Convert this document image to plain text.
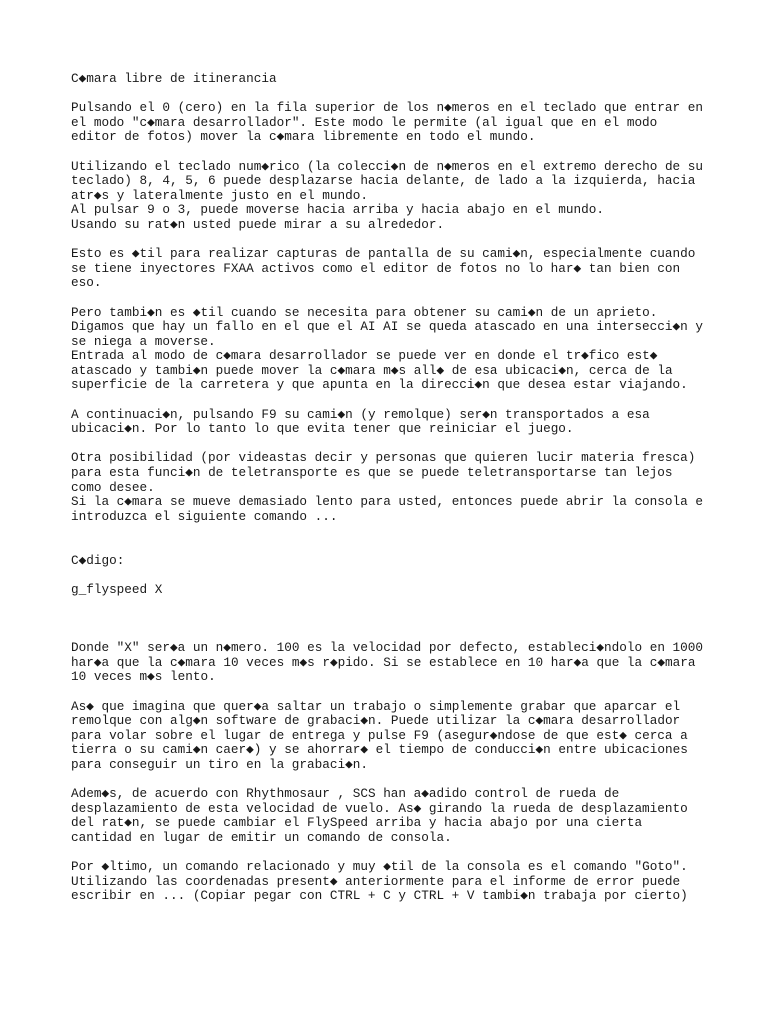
C◆mara libre de itinerancia
Pulsando el 0 (cero) en la fila superior de los n◆meros en el teclado que entrar en
el modo "c◆mara desarrollador". Este modo le permite (al igual que en el modo
editor de fotos) mover la c◆mara libremente en todo el mundo.
Utilizando el teclado num◆rico (la colecci◆n de n◆meros en el extremo derecho de su
teclado) 8, 4, 5, 6 puede desplazarse hacia delante, de lado a la izquierda, hacia
atr◆s y lateralmente justo en el mundo.
Al pulsar 9 o 3, puede moverse hacia arriba y hacia abajo en el mundo.
Usando su rat◆n usted puede mirar a su alrededor.
Esto es ◆til para realizar capturas de pantalla de su cami◆n, especialmente cuando
se tiene inyectores FXAA activos como el editor de fotos no lo har◆ tan bien con
eso.
Pero tambi◆n es ◆til cuando se necesita para obtener su cami◆n de un aprieto.
Digamos que hay un fallo en el que el AI AI se queda atascado en una intersecci◆n y
se niega a moverse.
Entrada al modo de c◆mara desarrollador se puede ver en donde el tr◆fico est◆
atascado y tambi◆n puede mover la c◆mara m◆s all◆ de esa ubicaci◆n, cerca de la
superficie de la carretera y que apunta en la direcci◆n que desea estar viajando.
A continuaci◆n, pulsando F9 su cami◆n (y remolque) ser◆n transportados a esa
ubicaci◆n. Por lo tanto lo que evita tener que reiniciar el juego.
Otra posibilidad (por videastas decir y personas que quieren lucir materia fresca)
para esta funci◆n de teletransporte es que se puede teletransportarse tan lejos
como desee.
Si la c◆mara se mueve demasiado lento para usted, entonces puede abrir la consola e
introduzca el siguiente comando ...
C◆digo:
g_flyspeed X
Donde "X" ser◆a un n◆mero. 100 es la velocidad por defecto, estableci◆ndolo en 1000
har◆a que la c◆mara 10 veces m◆s r◆pido. Si se establece en 10 har◆a que la c◆mara
10 veces m◆s lento.
As◆ que imagina que quer◆a saltar un trabajo o simplemente grabar que aparcar el
remolque con alg◆n software de grabaci◆n. Puede utilizar la c◆mara desarrollador
para volar sobre el lugar de entrega y pulse F9 (asegur◆ndose de que est◆ cerca a
tierra o su cami◆n caer◆) y se ahorrar◆ el tiempo de conducci◆n entre ubicaciones
para conseguir un tiro en la grabaci◆n.
Adem◆s, de acuerdo con Rhythmosaur , SCS han a◆adido control de rueda de
desplazamiento de esta velocidad de vuelo. As◆ girando la rueda de desplazamiento
del rat◆n, se puede cambiar el FlySpeed arriba y hacia abajo por una cierta
cantidad en lugar de emitir un comando de consola.
Por ◆ltimo, un comando relacionado y muy ◆til de la consola es el comando "Goto".
Utilizando las coordenadas present◆ anteriormente para el informe de error puede
escribir en ... (Copiar pegar con CTRL + C y CTRL + V tambi◆n trabaja por cierto)
